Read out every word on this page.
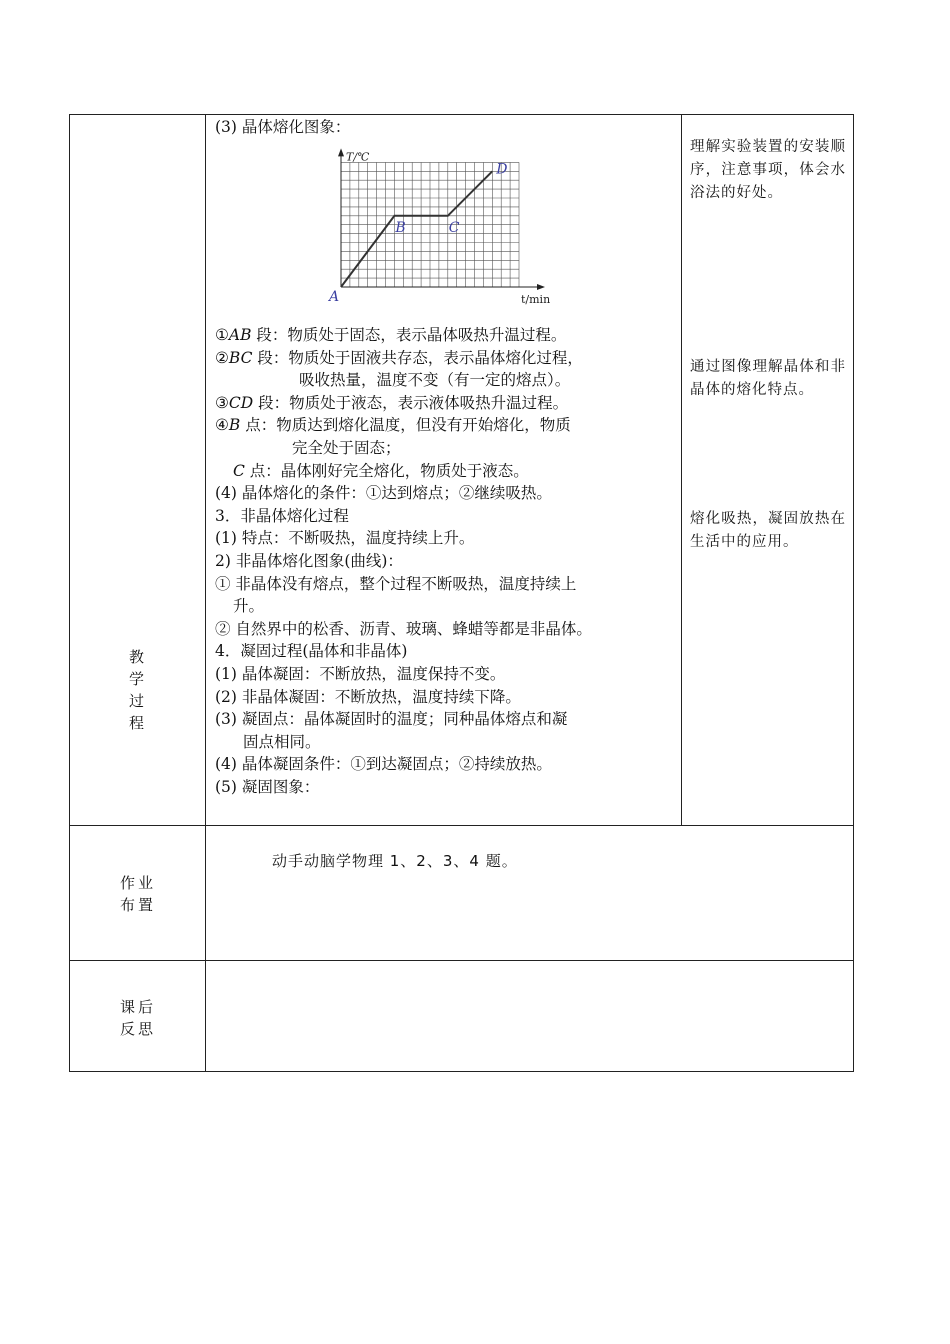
教
学
过
程
作业
布置
课后
反思
(3) 晶体熔化图象：
T/℃
t/min
A
B	C
D
①AB 段：物质处于固态，表示晶体吸热升温过程。
②BC 段：物质处于固液共存态，表示晶体熔化过程，
吸收热量，温度不变（有一定的熔点）。
③CD 段：物质处于液态，表示液体吸热升温过程。
④B 点：物质达到熔化温度，但没有开始熔化，物质
完全处于固态；
C 点：晶体刚好完全熔化，物质处于液态。
(4) 晶体熔化的条件：①达到熔点；②继续吸热。
3．非晶体熔化过程
(1) 特点：不断吸热，温度持续上升。
2) 非晶体熔化图象(曲线)：
① 非晶体没有熔点，整个过程不断吸热，温度持续上
升。
② 自然界中的松香、沥青、玻璃、蜂蜡等都是非晶体。
4．凝固过程(晶体和非晶体)
(1) 晶体凝固：不断放热，温度保持不变。
(2) 非晶体凝固：不断放热，温度持续下降。
(3) 凝固点：晶体凝固时的温度；同种晶体熔点和凝
固点相同。
(4) 晶体凝固条件：①到达凝固点；②持续放热。
(5) 凝固图象：
理解实验装置的安装顺序，注意事项，体会水浴法的好处。
通过图像理解晶体和非晶体的熔化特点。
熔化吸热，凝固放热在生活中的应用。
动手动脑学物理 1、2、3、4 题。
